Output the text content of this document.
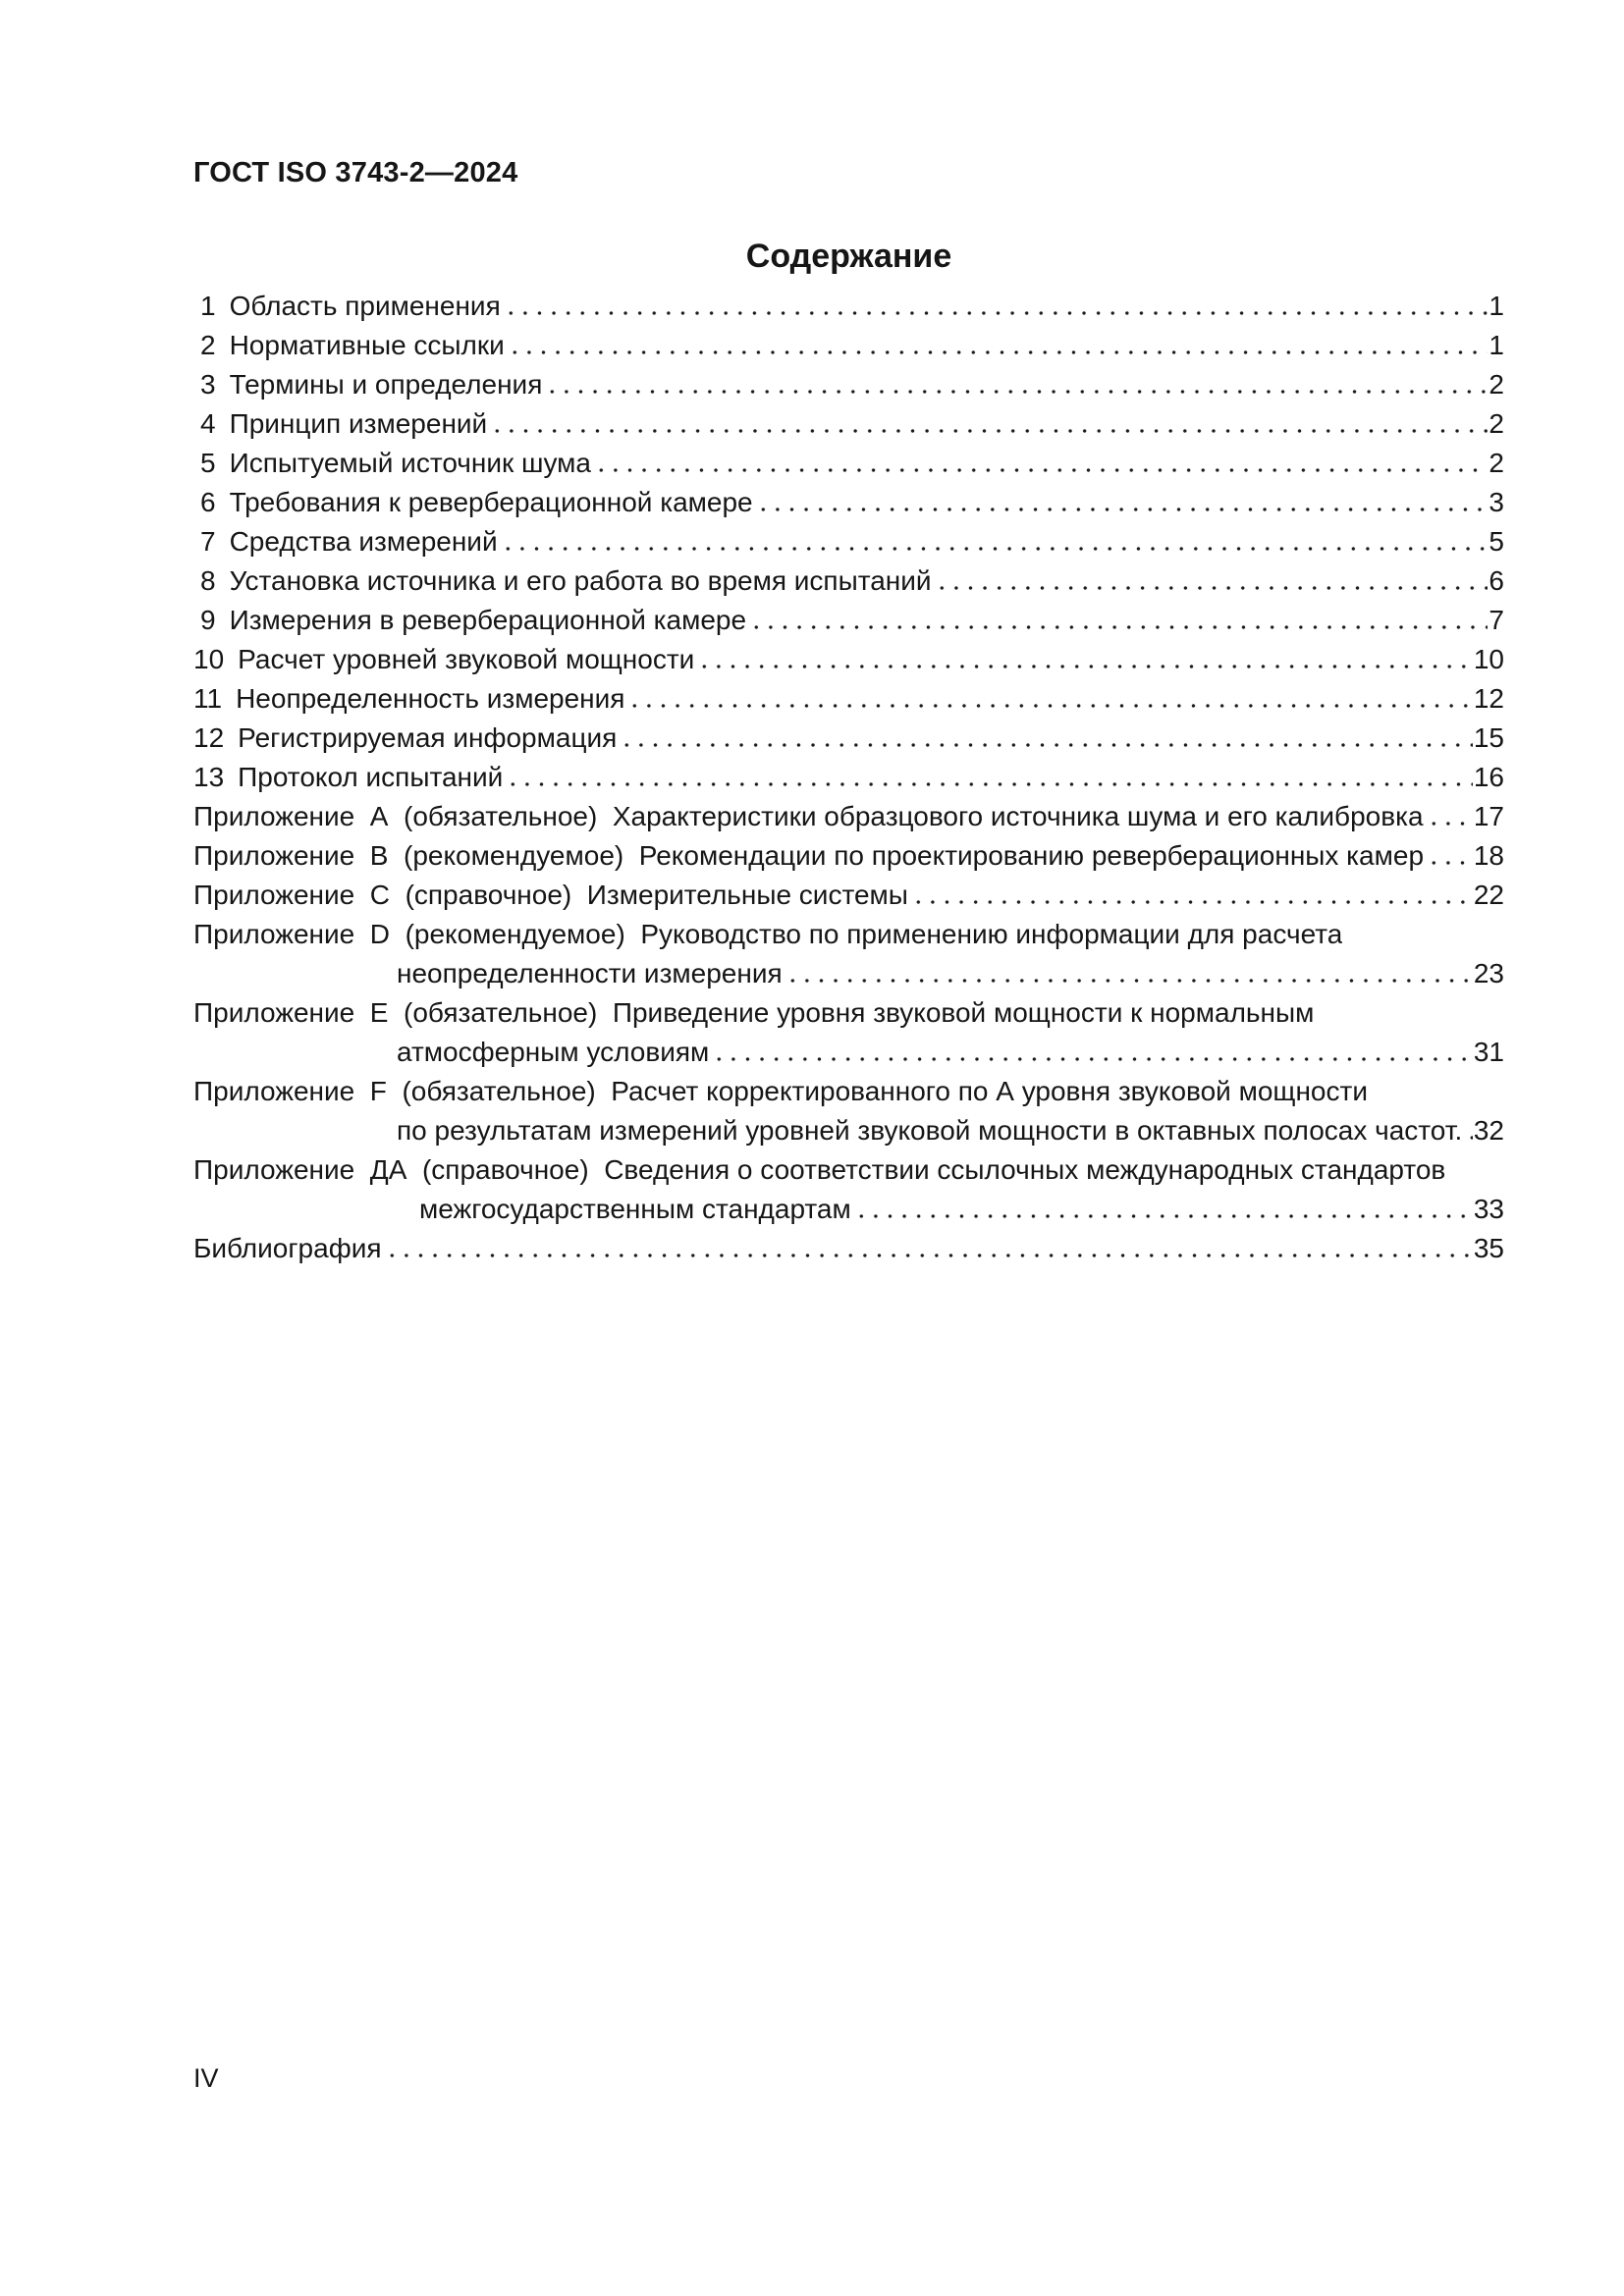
ГОСТ ISO 3743-2—2024
Содержание
1 Область применения	1
2 Нормативные ссылки	1
3 Термины и определения	2
4 Принцип измерений	2
5 Испытуемый источник шума	2
6 Требования к реверберационной камере	3
7 Средства измерений	5
8 Установка источника и его работа во время испытаний	6
9 Измерения в реверберационной камере	7
10 Расчет уровней звуковой мощности	10
11 Неопределенность измерения	12
12 Регистрируемая информация	15
13 Протокол испытаний	16
Приложение  А  (обязательное)  Характеристики образцового источника шума и его калибровка 17
Приложение  В  (рекомендуемое)  Рекомендации по проектированию реверберационных камер 18
Приложение  С  (справочное)  Измерительные системы	22
Приложение  D  (рекомендуемое)  Руководство по применению информации для расчета
неопределенности измерения	23
Приложение  Е  (обязательное)  Приведение уровня звуковой мощности к нормальным
атмосферным условиям	31
Приложение  F  (обязательное)  Расчет корректированного по А уровня звуковой мощности
по результатам измерений уровней звуковой мощности в октавных полосах частот. 32
Приложение  ДА  (справочное)  Сведения о соответствии ссылочных международных стандартов
межгосударственным стандартам	33
Библиография	35
IV
